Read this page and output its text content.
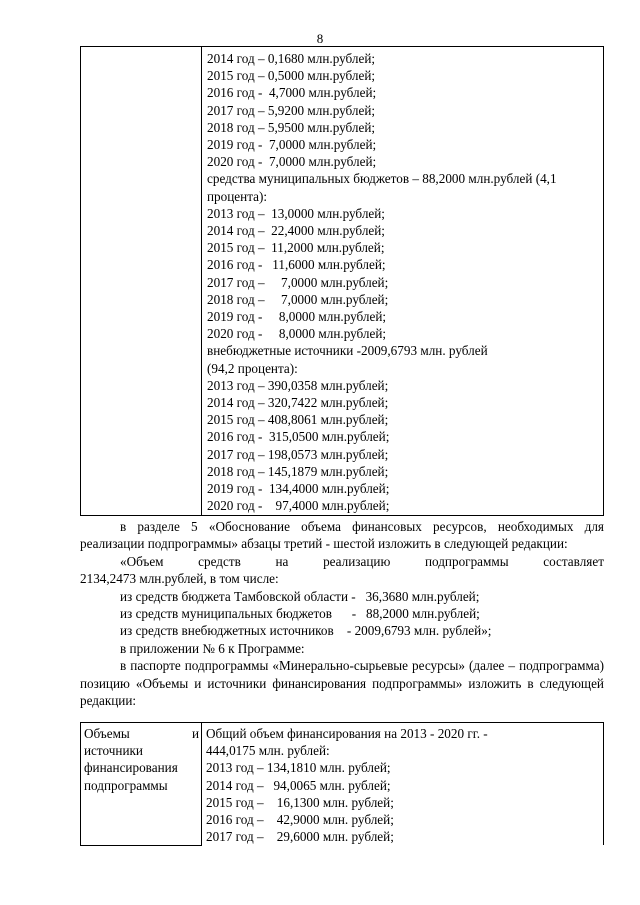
8

2014 год – 0,1680 млн.рублей;
2015 год – 0,5000 млн.рублей;
2016 год -  4,7000 млн.рублей;
2017 год – 5,9200 млн.рублей;
2018 год – 5,9500 млн.рублей;
2019 год -  7,0000 млн.рублей;
2020 год -  7,0000 млн.рублей;
средства муниципальных бюджетов – 88,2000 млн.рублей (4,1 процента):
2013 год –  13,0000 млн.рублей;
2014 год –  22,4000 млн.рублей;
2015 год –  11,2000 млн.рублей;
2016 год -   11,6000 млн.рублей;
2017 год –     7,0000 млн.рублей;
2018 год –     7,0000 млн.рублей;
2019 год -     8,0000 млн.рублей;
2020 год -     8,0000 млн.рублей;
внебюджетные источники -2009,6793 млн. рублей
(94,2 процента):
2013 год – 390,0358 млн.рублей;
2014 год – 320,7422 млн.рублей;
2015 год – 408,8061 млн.рублей;
2016 год -  315,0500 млн.рублей;
2017 год – 198,0573 млн.рублей;
2018 год – 145,1879 млн.рублей;
2019 год -  134,4000 млн.рублей;
2020 год -    97,4000 млн.рублей;

в разделе 5 «Обоснование объема финансовых ресурсов, необходимых для реализации подпрограммы» абзацы третий - шестой изложить в следующей редакции:

«Объем	средств	на	реализацию	подпрограммы	составляет

2134,2473 млн.рублей, в том числе:

из средств бюджета Тамбовской области -   36,3680 млн.рублей;

из средств муниципальных бюджетов      -   88,2000 млн.рублей;

из средств внебюджетных источников    - 2009,6793 млн. рублей»;

в приложении № 6 к Программе:

в паспорте подпрограммы «Минерально-сырьевые ресурсы» (далее – подпрограмма) позицию «Объемы и источники финансирования подпрограммы» изложить в следующей редакции:

Объемы	и
источники
финансирования
подпрограммы

Общий объем финансирования на 2013 - 2020 гг. -
444,0175 млн. рублей:
2013 год – 134,1810 млн. рублей;
2014 год –   94,0065 млн. рублей;
2015 год –    16,1300 млн. рублей;
2016 год –    42,9000 млн. рублей;
2017 год –    29,6000 млн. рублей;
